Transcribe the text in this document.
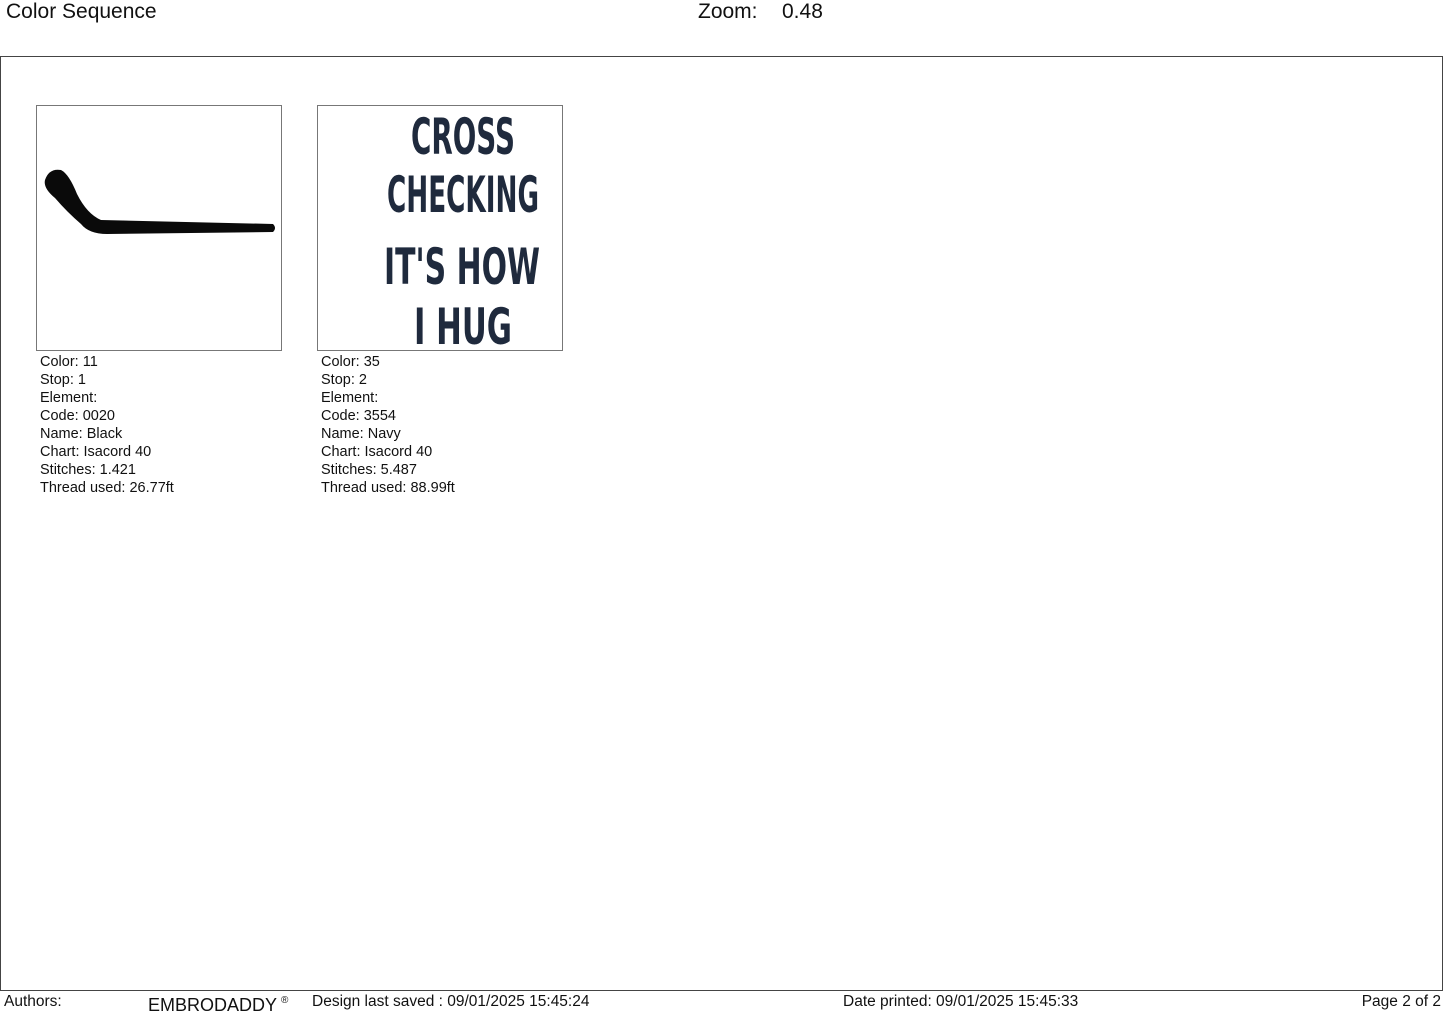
Color Sequence	Zoom: 0.48
CROSS
CHECKING
IT'S HOW
I HUG
Color: 11
Stop: 1
Element:
Code: 0020
Name: Black
Chart: Isacord 40
Stitches: 1.421
Thread used: 26.77ft
Color: 35
Stop: 2
Element:
Code: 3554
Name: Navy
Chart: Isacord 40
Stitches: 5.487
Thread used: 88.99ft
Authors:	EMBRODADDY ® Design last saved : 09/01/2025 15:45:24	Date printed: 09/01/2025 15:45:33	Page 2 of 2
